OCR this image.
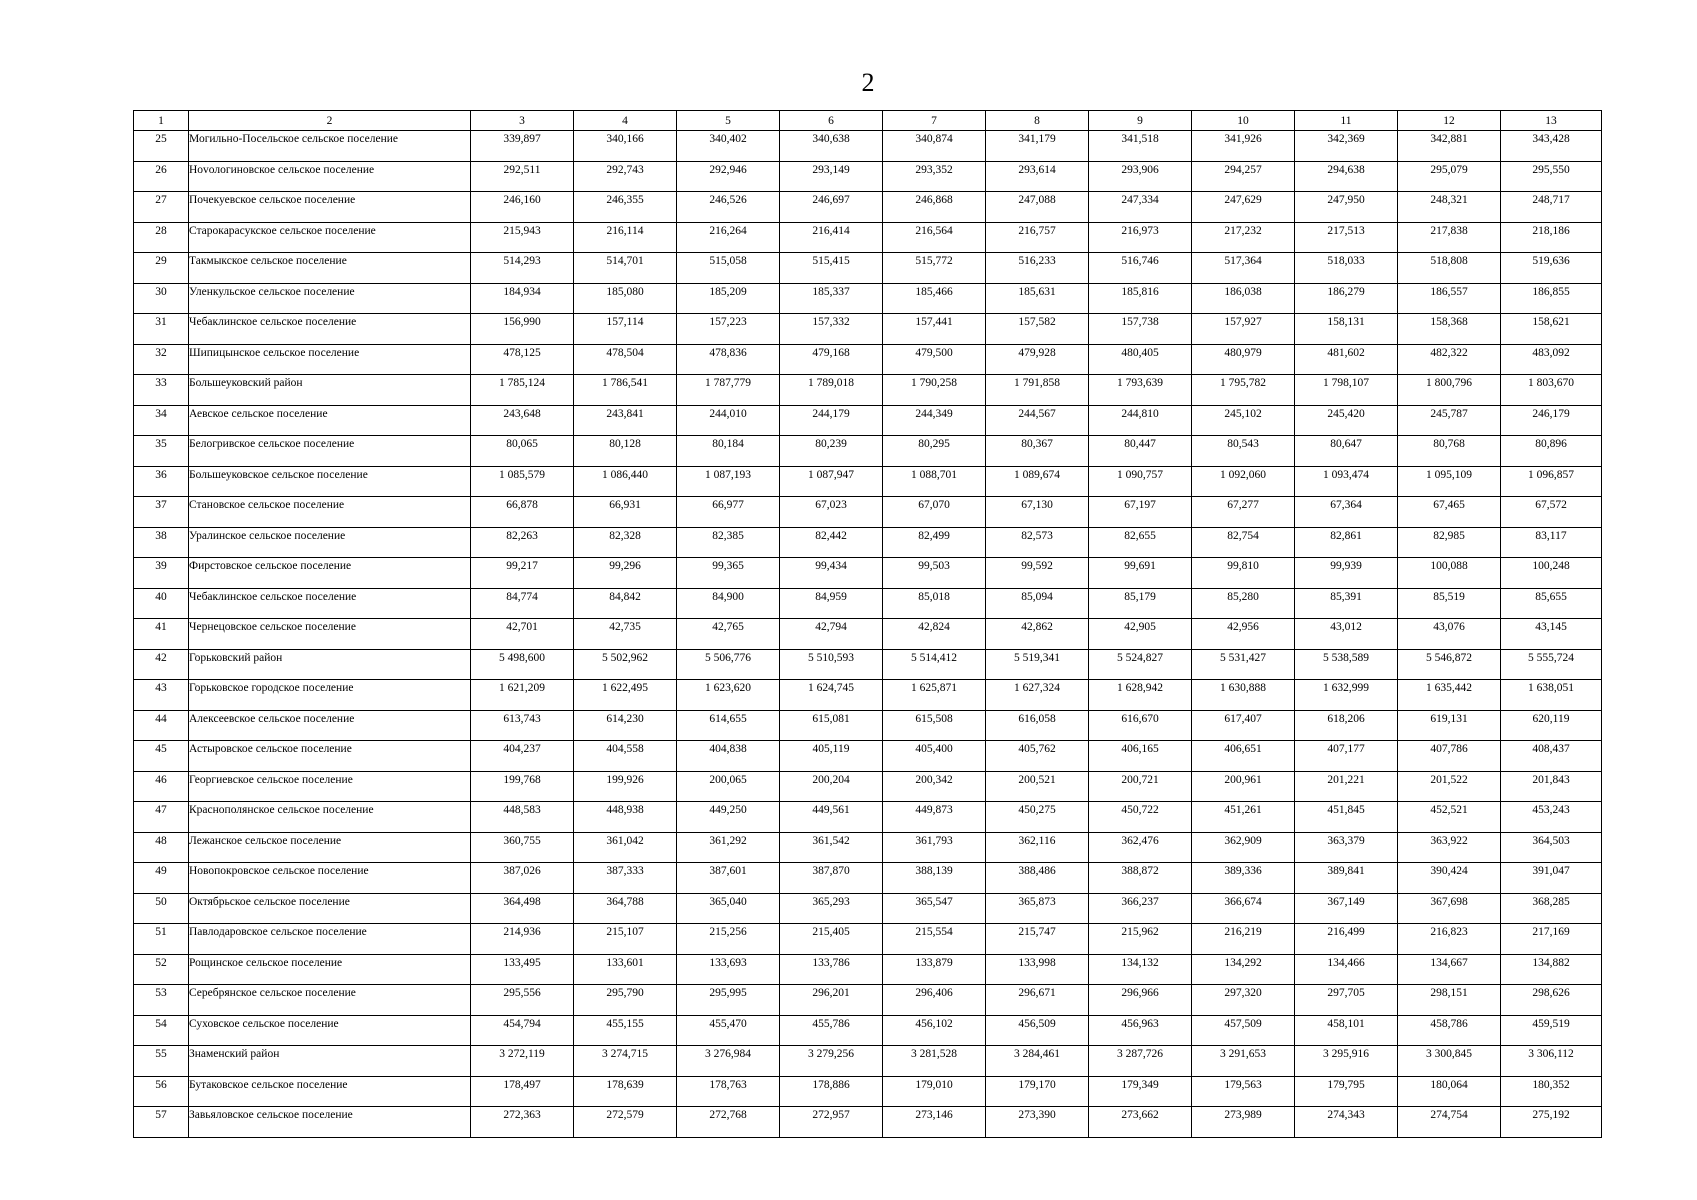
2
1	2	3	4	5	6	7	8	9	10	11	12	13
25	Могильно-Посельское сельское поселение	339,897	340,166	340,402	340,638	340,874	341,179	341,518	341,926	342,369	342,881	343,428
26	Нovологиновское сельское поселение	292,511	292,743	292,946	293,149	293,352	293,614	293,906	294,257	294,638	295,079	295,550
27	Почекуевское сельское поселение	246,160	246,355	246,526	246,697	246,868	247,088	247,334	247,629	247,950	248,321	248,717
28	Старокарасукское сельское поселение	215,943	216,114	216,264	216,414	216,564	216,757	216,973	217,232	217,513	217,838	218,186
29	Такмыкское сельское поселение	514,293	514,701	515,058	515,415	515,772	516,233	516,746	517,364	518,033	518,808	519,636
30	Уленкульское сельское поселение	184,934	185,080	185,209	185,337	185,466	185,631	185,816	186,038	186,279	186,557	186,855
31	Чебаклинское сельское поселение	156,990	157,114	157,223	157,332	157,441	157,582	157,738	157,927	158,131	158,368	158,621
32	Шипицынское сельское поселение	478,125	478,504	478,836	479,168	479,500	479,928	480,405	480,979	481,602	482,322	483,092
33	Большеуковский район	1 785,124	1 786,541	1 787,779	1 789,018	1 790,258	1 791,858	1 793,639	1 795,782	1 798,107	1 800,796	1 803,670
34	Аевское сельское поселение	243,648	243,841	244,010	244,179	244,349	244,567	244,810	245,102	245,420	245,787	246,179
35	Белогривское сельское поселение	80,065	80,128	80,184	80,239	80,295	80,367	80,447	80,543	80,647	80,768	80,896
36	Большеуковское сельское поселение	1 085,579	1 086,440	1 087,193	1 087,947	1 088,701	1 089,674	1 090,757	1 092,060	1 093,474	1 095,109	1 096,857
37	Становское сельское поселение	66,878	66,931	66,977	67,023	67,070	67,130	67,197	67,277	67,364	67,465	67,572
38	Уралинское сельское поселение	82,263	82,328	82,385	82,442	82,499	82,573	82,655	82,754	82,861	82,985	83,117
39	Фирстовское сельское поселение	99,217	99,296	99,365	99,434	99,503	99,592	99,691	99,810	99,939	100,088	100,248
40	Чебаклинское сельское поселение	84,774	84,842	84,900	84,959	85,018	85,094	85,179	85,280	85,391	85,519	85,655
41	Чернецовское сельское поселение	42,701	42,735	42,765	42,794	42,824	42,862	42,905	42,956	43,012	43,076	43,145
42	Горьковский район	5 498,600	5 502,962	5 506,776	5 510,593	5 514,412	5 519,341	5 524,827	5 531,427	5 538,589	5 546,872	5 555,724
43	Горьковское городское поселение	1 621,209	1 622,495	1 623,620	1 624,745	1 625,871	1 627,324	1 628,942	1 630,888	1 632,999	1 635,442	1 638,051
44	Алексеевское сельское поселение	613,743	614,230	614,655	615,081	615,508	616,058	616,670	617,407	618,206	619,131	620,119
45	Астыровское сельское поселение	404,237	404,558	404,838	405,119	405,400	405,762	406,165	406,651	407,177	407,786	408,437
46	Георгиевское сельское поселение	199,768	199,926	200,065	200,204	200,342	200,521	200,721	200,961	201,221	201,522	201,843
47	Краснополянское сельское поселение	448,583	448,938	449,250	449,561	449,873	450,275	450,722	451,261	451,845	452,521	453,243
48	Лежанское сельское поселение	360,755	361,042	361,292	361,542	361,793	362,116	362,476	362,909	363,379	363,922	364,503
49	Новопокровское сельское поселение	387,026	387,333	387,601	387,870	388,139	388,486	388,872	389,336	389,841	390,424	391,047
50	Октябрьское сельское поселение	364,498	364,788	365,040	365,293	365,547	365,873	366,237	366,674	367,149	367,698	368,285
51	Павлодаровское сельское поселение	214,936	215,107	215,256	215,405	215,554	215,747	215,962	216,219	216,499	216,823	217,169
52	Рощинское сельское поселение	133,495	133,601	133,693	133,786	133,879	133,998	134,132	134,292	134,466	134,667	134,882
53	Серебрянское сельское поселение	295,556	295,790	295,995	296,201	296,406	296,671	296,966	297,320	297,705	298,151	298,626
54	Суховское сельское поселение	454,794	455,155	455,470	455,786	456,102	456,509	456,963	457,509	458,101	458,786	459,519
55	Знаменский район	3 272,119	3 274,715	3 276,984	3 279,256	3 281,528	3 284,461	3 287,726	3 291,653	3 295,916	3 300,845	3 306,112
56	Бутаковское сельское поселение	178,497	178,639	178,763	178,886	179,010	179,170	179,349	179,563	179,795	180,064	180,352
57	Завьяловское сельское поселение	272,363	272,579	272,768	272,957	273,146	273,390	273,662	273,989	274,343	274,754	275,192
